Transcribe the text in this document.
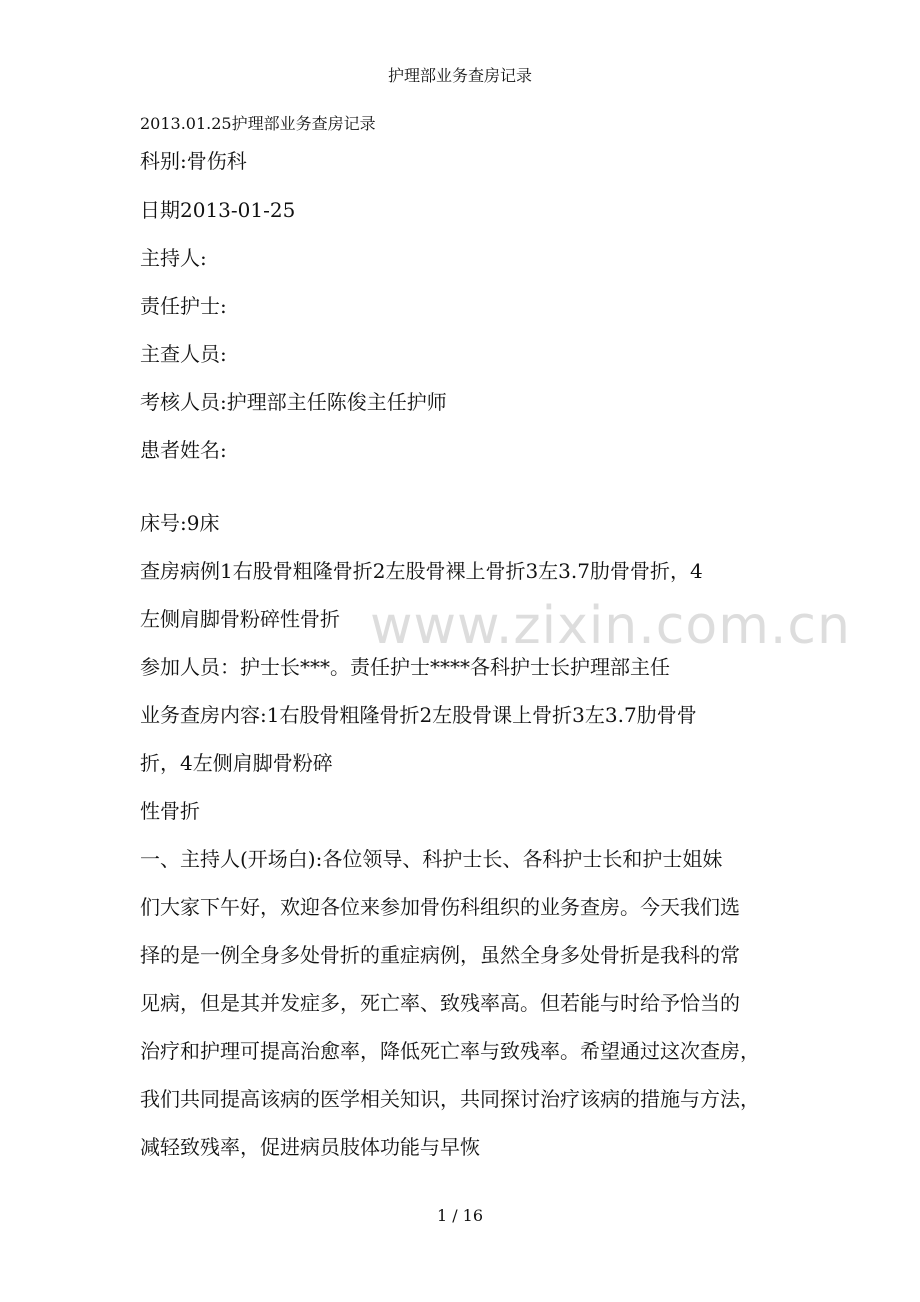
护理部业务查房记录
2013.01.25护理部业务查房记录
科别:骨伤科
日期2013-01-25
主持人:
责任护士:
主查人员:
考核人员:护理部主任陈俊主任护师
患者姓名:
床号:9床
查房病例1右股骨粗隆骨折2左股骨裸上骨折3左3.7肋骨骨折，4
左侧肩脚骨粉碎性骨折
参加人员：护士长***。责任护士****各科护士长护理部主任
业务查房内容:1右股骨粗隆骨折2左股骨课上骨折3左3.7肋骨骨
折，4左侧肩脚骨粉碎
性骨折
一、主持人(开场白):各位领导、科护士长、各科护士长和护士姐妹
们大家下午好，欢迎各位来参加骨伤科组织的业务查房。今天我们选
择的是一例全身多处骨折的重症病例，虽然全身多处骨折是我科的常
见病，但是其并发症多，死亡率、致残率高。但若能与时给予恰当的
治疗和护理可提高治愈率，降低死亡率与致残率。希望通过这次查房，
我们共同提高该病的医学相关知识，共同探讨治疗该病的措施与方法，
减轻致残率，促进病员肢体功能与早恢
www.zixin.com.cn
1 / 16
